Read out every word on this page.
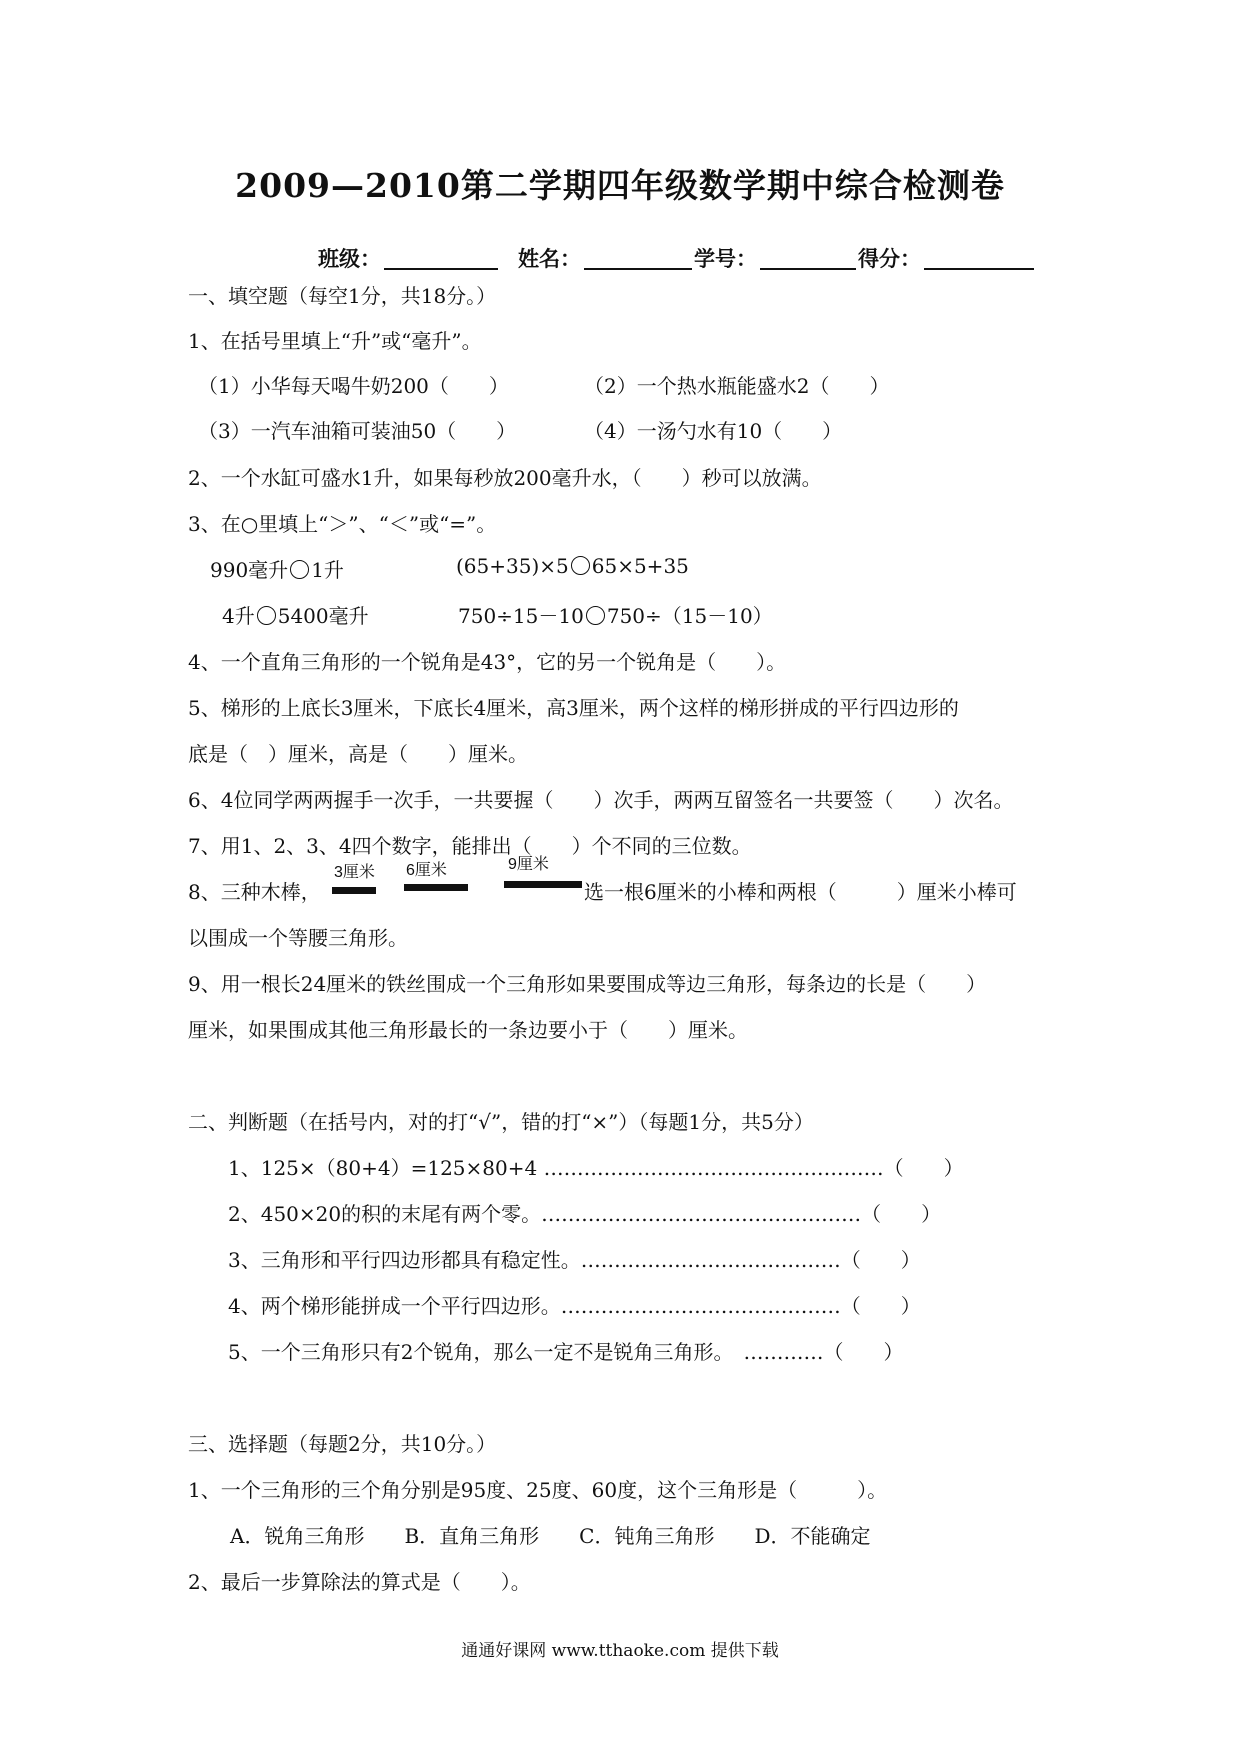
2009—2010第二学期四年级数学期中综合检测卷
班级：	姓名：	学号：	得分：
一、填空题（每空1分，共18分。）
1、在括号里填上“升”或“毫升”。
（1）小华每天喝牛奶200（　　）	（2）一个热水瓶能盛水2（　　）
（3）一汽车油箱可装油50（　　）	（4）一汤勺水有10（　　）
2、一个水缸可盛水1升，如果每秒放200毫升水，（　　）秒可以放满。
3、在○里填上“＞”、“＜”或“=”。
990毫升 1升	(65+35)×5 65×5+35
4升 5400毫升	750÷15－10 750÷（15－10）
4、一个直角三角形的一个锐角是43°，它的另一个锐角是（　　）。
5、梯形的上底长3厘米，下底长4厘米，高3厘米，两个这样的梯形拼成的平行四边形的
底是（　）厘米，高是（　　）厘米。
6、4位同学两两握手一次手，一共要握（　　）次手，两两互留签名一共要签（　　）次名。
7、用1、2、3、4四个数字，能排出（　　）个不同的三位数。
8、三种木棒，
3厘米 6厘米	9厘米
选一根6厘米的小棒和两根（　　　）厘米小棒可
以围成一个等腰三角形。
9、用一根长24厘米的铁丝围成一个三角形如果要围成等边三角形，每条边的长是（　　）
厘米，如果围成其他三角形最长的一条边要小于（　　）厘米。
二、判断题（在括号内，对的打“√”，错的打“×”）（每题1分，共5分）
1、125×（80+4）=125×80+4 ……………………………………………（　　）
2、450×20的积的末尾有两个零。…………………………………………（　　）
3、三角形和平行四边形都具有稳定性。…………………………………（　　）
4、两个梯形能拼成一个平行四边形。……………………………………（　　）
5、一个三角形只有2个锐角，那么一定不是锐角三角形。　…………（　　）
三、选择题（每题2分，共10分。）
1、一个三角形的三个角分别是95度、25度、60度，这个三角形是（　　　）。
A．锐角三角形　　B．直角三角形　　C．钝角三角形　　D．不能确定
2、最后一步算除法的算式是（　　）。
通通好课网 www.tthaoke.com 提供下载
